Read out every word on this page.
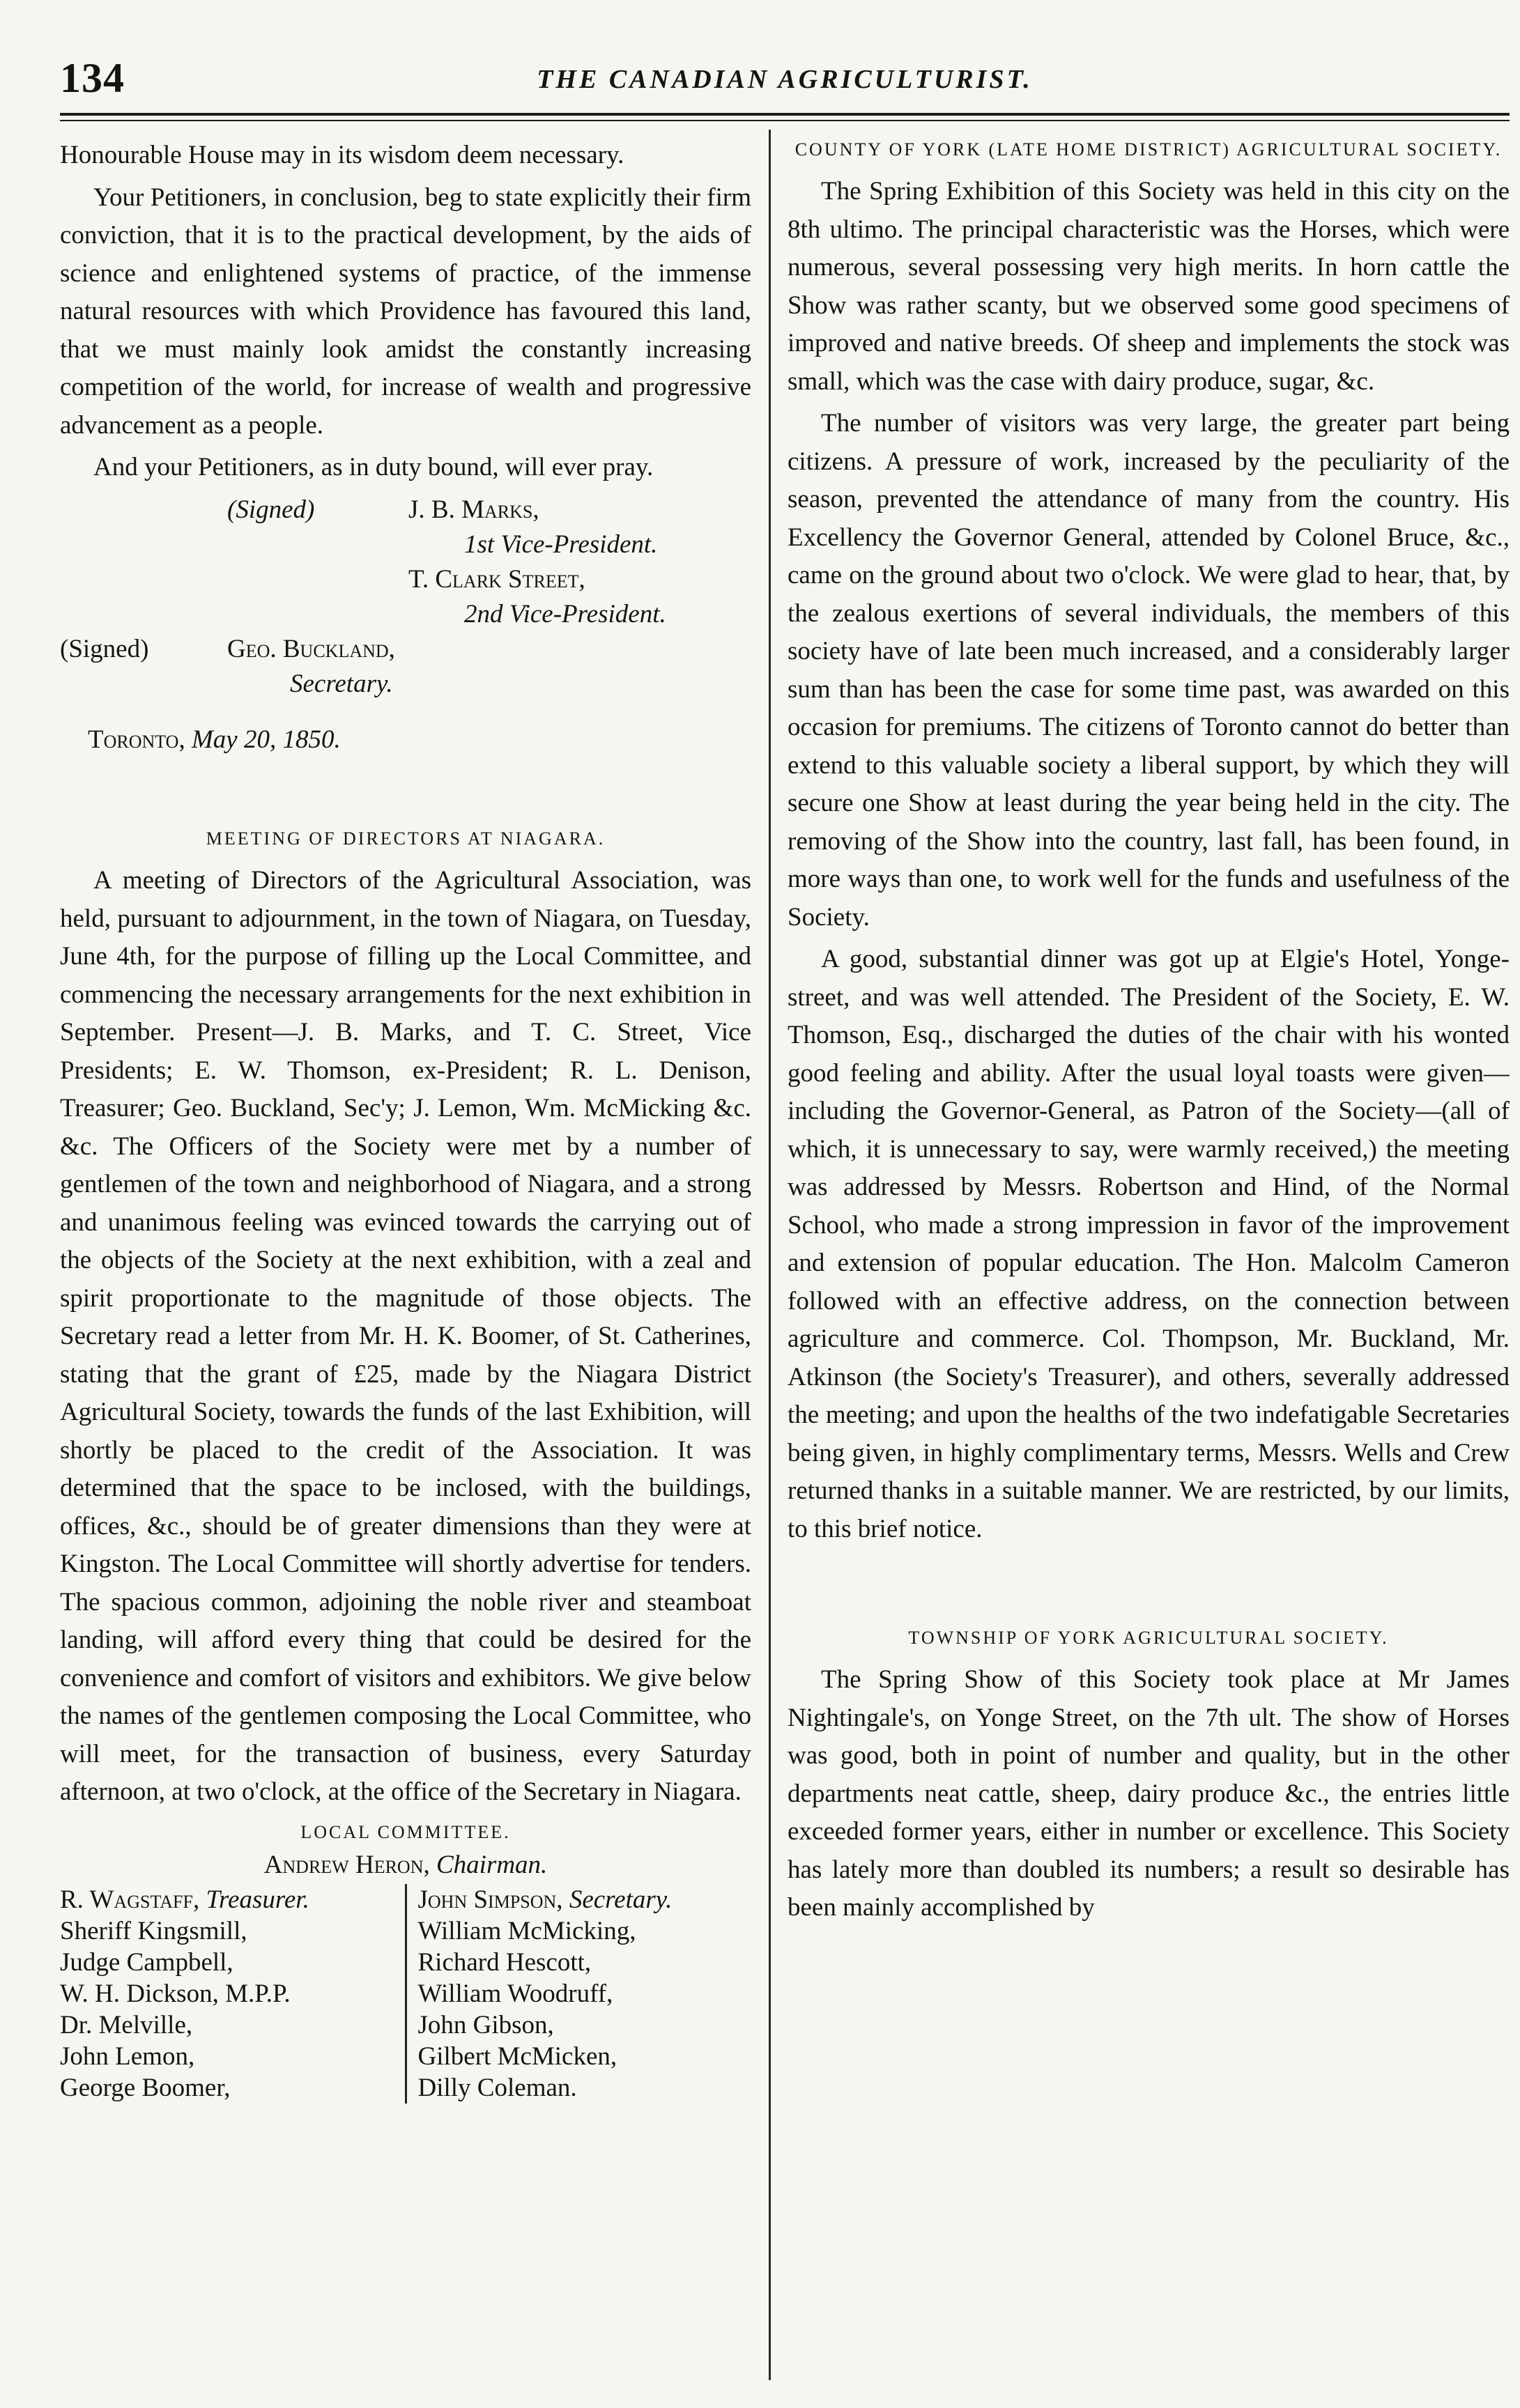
134	THE CANADIAN AGRICULTURIST.

Honourable House may in its wisdom deem necessary.

Your Petitioners, in conclusion, beg to state explicitly their firm conviction, that it is to the practical development, by the aids of science and enlightened systems of practice, of the immense natural resources with which Providence has favoured this land, that we must mainly look amidst the constantly increasing competition of the world, for increase of wealth and progressive advancement as a people.

And your Petitioners, as in duty bound, will ever pray.

(Signed)	J. B. Marks,
1st Vice-President.
T. Clark Street,
2nd Vice-President.
(Signed)	Geo. Buckland,
Secretary.

Toronto, May 20, 1850.

MEETING OF DIRECTORS AT NIAGARA.

A meeting of Directors of the Agricultural Association, was held, pursuant to adjournment, in the town of Niagara, on Tuesday, June 4th, for the purpose of filling up the Local Committee, and commencing the necessary arrangements for the next exhibition in September. Present—J. B. Marks, and T. C. Street, Vice Presidents; E. W. Thomson, ex-President; R. L. Denison, Treasurer; Geo. Buckland, Sec'y; J. Lemon, Wm. McMicking &c. &c. The Officers of the Society were met by a number of gentlemen of the town and neighborhood of Niagara, and a strong and unanimous feeling was evinced towards the carrying out of the objects of the Society at the next exhibition, with a zeal and spirit proportionate to the magnitude of those objects. The Secretary read a letter from Mr. H. K. Boomer, of St. Catherines, stating that the grant of £25, made by the Niagara District Agricultural Society, towards the funds of the last Exhibition, will shortly be placed to the credit of the Association. It was determined that the space to be inclosed, with the buildings, offices, &c., should be of greater dimensions than they were at Kingston. The Local Committee will shortly advertise for tenders. The spacious common, adjoining the noble river and steamboat landing, will afford every thing that could be desired for the convenience and comfort of visitors and exhibitors. We give below the names of the gentlemen composing the Local Committee, who will meet, for the transaction of business, every Saturday afternoon, at two o'clock, at the office of the Secretary in Niagara.

LOCAL COMMITTEE.
Andrew Heron, Chairman.
R. Wagstaff, Treasurer.
Sheriff Kingsmill,
Judge Campbell,
W. H. Dickson, M.P.P.
Dr. Melville,
John Lemon,
George Boomer,
John Simpson, Secretary.
William McMicking,
Richard Hescott,
William Woodruff,
John Gibson,
Gilbert McMicken,
Dilly Coleman.
COUNTY OF YORK (LATE HOME DISTRICT) AGRICULTURAL SOCIETY.

The Spring Exhibition of this Society was held in this city on the 8th ultimo. The principal characteristic was the Horses, which were numerous, several possessing very high merits. In horn cattle the Show was rather scanty, but we observed some good specimens of improved and native breeds. Of sheep and implements the stock was small, which was the case with dairy produce, sugar, &c.

The number of visitors was very large, the greater part being citizens. A pressure of work, increased by the peculiarity of the season, prevented the attendance of many from the country. His Excellency the Governor General, attended by Colonel Bruce, &c., came on the ground about two o'clock. We were glad to hear, that, by the zealous exertions of several individuals, the members of this society have of late been much increased, and a considerably larger sum than has been the case for some time past, was awarded on this occasion for premiums. The citizens of Toronto cannot do better than extend to this valuable society a liberal support, by which they will secure one Show at least during the year being held in the city. The removing of the Show into the country, last fall, has been found, in more ways than one, to work well for the funds and usefulness of the Society.

A good, substantial dinner was got up at Elgie's Hotel, Yonge-street, and was well attended. The President of the Society, E. W. Thomson, Esq., discharged the duties of the chair with his wonted good feeling and ability. After the usual loyal toasts were given—including the Governor-General, as Patron of the Society—(all of which, it is unnecessary to say, were warmly received,) the meeting was addressed by Messrs. Robertson and Hind, of the Normal School, who made a strong impression in favor of the improvement and extension of popular education. The Hon. Malcolm Cameron followed with an effective address, on the connection between agriculture and commerce. Col. Thompson, Mr. Buckland, Mr. Atkinson (the Society's Treasurer), and others, severally addressed the meeting; and upon the healths of the two indefatigable Secretaries being given, in highly complimentary terms, Messrs. Wells and Crew returned thanks in a suitable manner. We are restricted, by our limits, to this brief notice.

TOWNSHIP OF YORK AGRICULTURAL SOCIETY.

The Spring Show of this Society took place at Mr James Nightingale's, on Yonge Street, on the 7th ult. The show of Horses was good, both in point of number and quality, but in the other departments neat cattle, sheep, dairy produce &c., the entries little exceeded former years, either in number or excellence. This Society has lately more than doubled its numbers; a result so desirable has been mainly accomplished by
